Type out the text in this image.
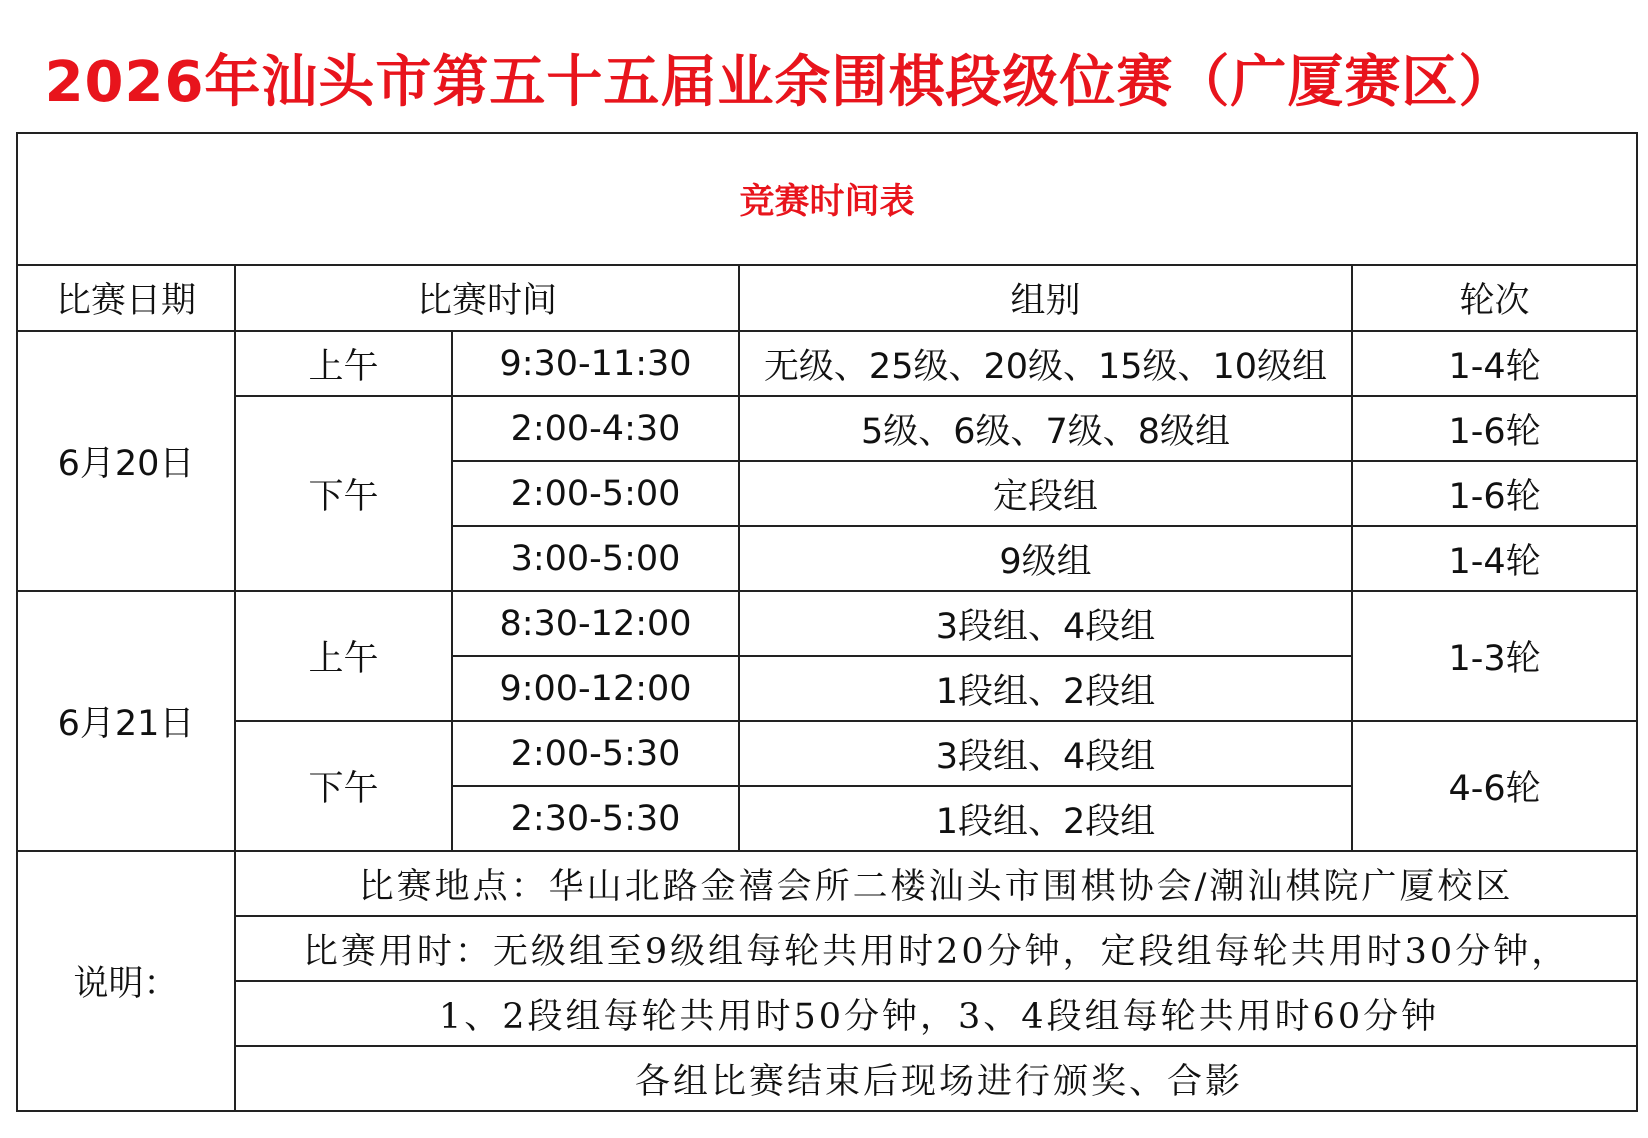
2026年汕头市第五十五届业余围棋段级位赛（广厦赛区）
竞赛时间表				
比赛日期	比赛时间		组别	轮次
6月20日	上午	9:30-11:30	无级、25级、20级、15级、10级组	1-4轮
	下午	2:00-4:30	5级、6级、7级、8级组	1-6轮
		2:00-5:00	定段组	1-6轮
		3:00-5:00	9级组	1-4轮
6月21日	上午	8:30-12:00	3段组、4段组	1-3轮
		9:00-12:00	1段组、2段组	
	下午	2:00-5:30	3段组、4段组	4-6轮
		2:30-5:30	1段组、2段组	
说明：	比赛地点：华山北路金禧会所二楼汕头市围棋协会/潮汕棋院广厦校区			
	比赛用时：无级组至9级组每轮共用时20分钟，定段组每轮共用时30分钟，			
	1、2段组每轮共用时50分钟，3、4段组每轮共用时60分钟			
	各组比赛结束后现场进行颁奖、合影			
